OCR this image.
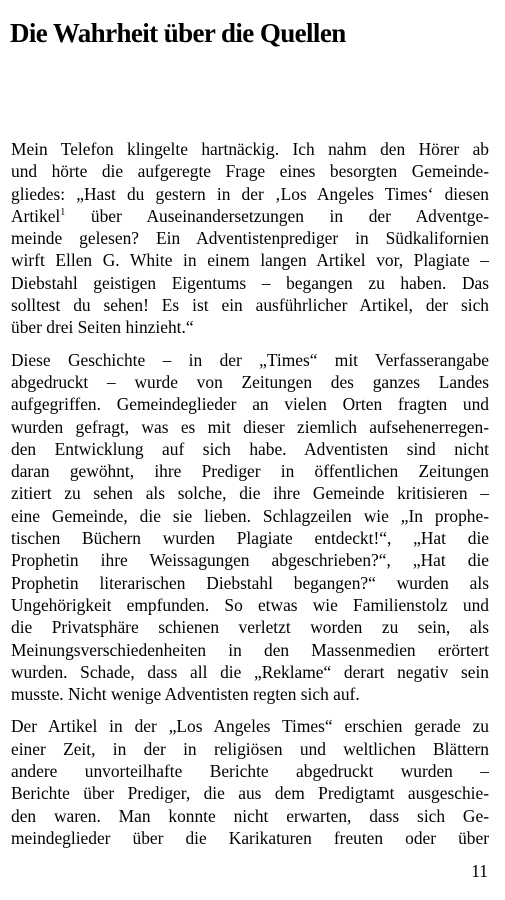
Die Wahrheit über die Quellen

Mein Telefon klingelte hartnäckig. Ich nahm den Hörer ab
und hörte die aufgeregte Frage eines besorgten Gemeinde-
gliedes: „Hast du gestern in der ‚Los Angeles Times‘ diesen
Artikel$^1$ über Auseinandersetzungen in der Adventge-
meinde gelesen? Ein Adventistenprediger in Südkalifornien
wirft Ellen G. White in einem langen Artikel vor, Plagiate –
Diebstahl geistigen Eigentums – begangen zu haben. Das
solltest du sehen! Es ist ein ausführlicher Artikel, der sich
über drei Seiten hinzieht.“

Diese Geschichte – in der „Times“ mit Verfasserangabe
abgedruckt – wurde von Zeitungen des ganzes Landes
aufgegriffen. Gemeindeglieder an vielen Orten fragten und
wurden gefragt, was es mit dieser ziemlich aufsehenerregen-
den Entwicklung auf sich habe. Adventisten sind nicht
daran gewöhnt, ihre Prediger in öffentlichen Zeitungen
zitiert zu sehen als solche, die ihre Gemeinde kritisieren –
eine Gemeinde, die sie lieben. Schlagzeilen wie „In prophe-
tischen Büchern wurden Plagiate entdeckt!“, „Hat die
Prophetin ihre Weissagungen abgeschrieben?“, „Hat die
Prophetin literarischen Diebstahl begangen?“ wurden als
Ungehörigkeit empfunden. So etwas wie Familienstolz und
die Privatsphäre schienen verletzt worden zu sein, als
Meinungsverschiedenheiten in den Massenmedien erörtert
wurden. Schade, dass all die „Reklame“ derart negativ sein
musste. Nicht wenige Adventisten regten sich auf.

Der Artikel in der „Los Angeles Times“ erschien gerade zu
einer Zeit, in der in religiösen und weltlichen Blättern
andere unvorteilhafte Berichte abgedruckt wurden –
Berichte über Prediger, die aus dem Predigtamt ausgeschie-
den waren. Man konnte nicht erwarten, dass sich Ge-
meindeglieder über die Karikaturen freuten oder über

11
